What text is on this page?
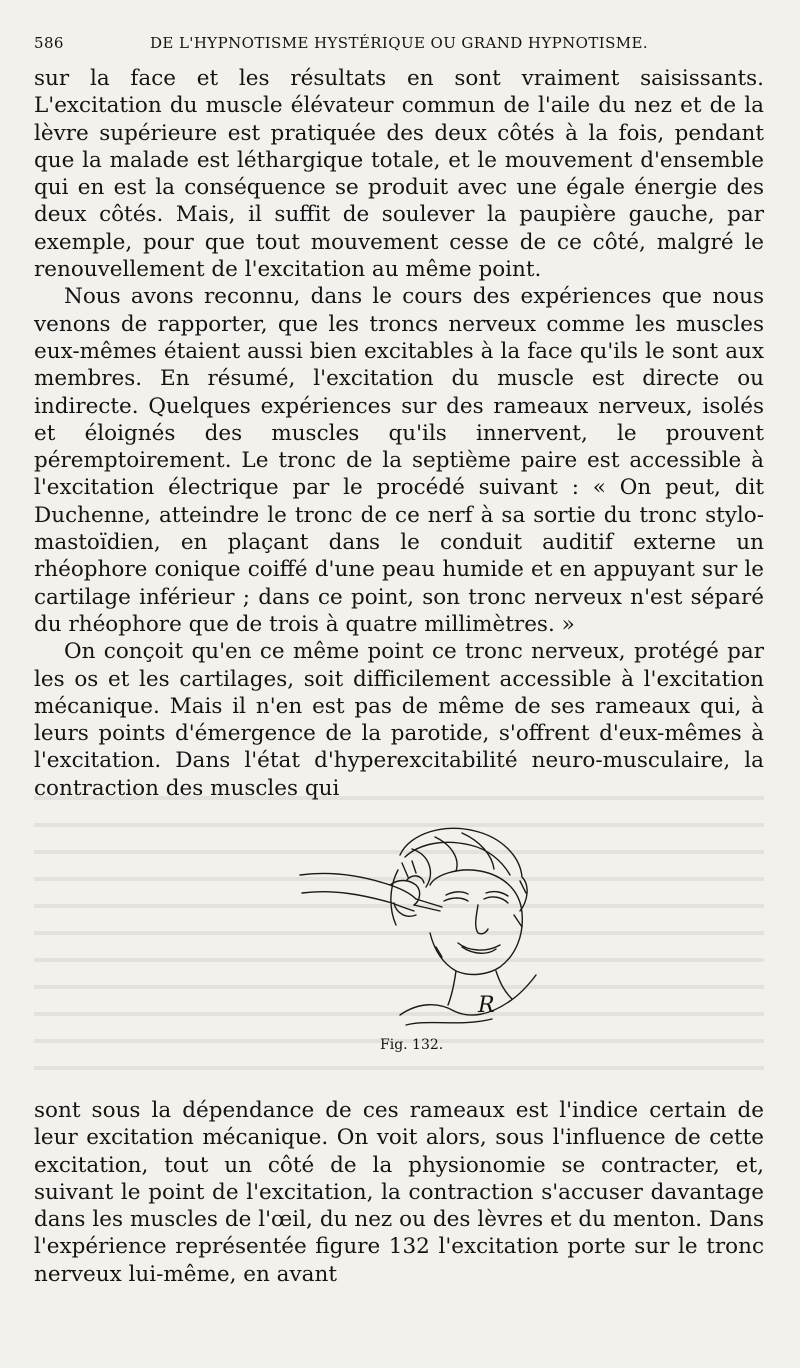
586	DE L'HYPNOTISME HYSTÉRIQUE OU GRAND HYPNOTISME.

sur la face et les résultats en sont vraiment saisissants. L'excitation du muscle élévateur commun de l'aile du nez et de la lèvre supérieure est pratiquée des deux côtés à la fois, pendant que la malade est léthargique totale, et le mouvement d'ensemble qui en est la conséquence se produit avec une égale énergie des deux côtés. Mais, il suffit de soulever la paupière gauche, par exemple, pour que tout mouvement cesse de ce côté, malgré le renouvellement de l'excitation au même point.

Nous avons reconnu, dans le cours des expériences que nous venons de rapporter, que les troncs nerveux comme les muscles eux-mêmes étaient aussi bien excitables à la face qu'ils le sont aux membres. En résumé, l'excitation du muscle est directe ou indirecte. Quelques expériences sur des rameaux nerveux, isolés et éloignés des muscles qu'ils innervent, le prouvent péremptoirement. Le tronc de la septième paire est accessible à l'excitation électrique par le procédé suivant : « On peut, dit Duchenne, atteindre le tronc de ce nerf à sa sortie du tronc stylo-mastoïdien, en plaçant dans le conduit auditif externe un rhéophore conique coiffé d'une peau humide et en appuyant sur le cartilage inférieur ; dans ce point, son tronc nerveux n'est séparé du rhéophore que de trois à quatre millimètres. »

On conçoit qu'en ce même point ce tronc nerveux, protégé par les os et les cartilages, soit difficilement accessible à l'excitation mécanique. Mais il n'en est pas de même de ses rameaux qui, à leurs points d'émergence de la parotide, s'offrent d'eux-mêmes à l'excitation. Dans l'état d'hyperexcitabilité neuro-musculaire, la contraction des muscles qui

R
Fig. 132.

sont sous la dépendance de ces rameaux est l'indice certain de leur excitation mécanique. On voit alors, sous l'influence de cette excitation, tout un côté de la physionomie se contracter, et, suivant le point de l'excitation, la contraction s'accuser davantage dans les muscles de l'œil, du nez ou des lèvres et du menton. Dans l'expérience représentée figure 132 l'excitation porte sur le tronc nerveux lui-même, en avant
